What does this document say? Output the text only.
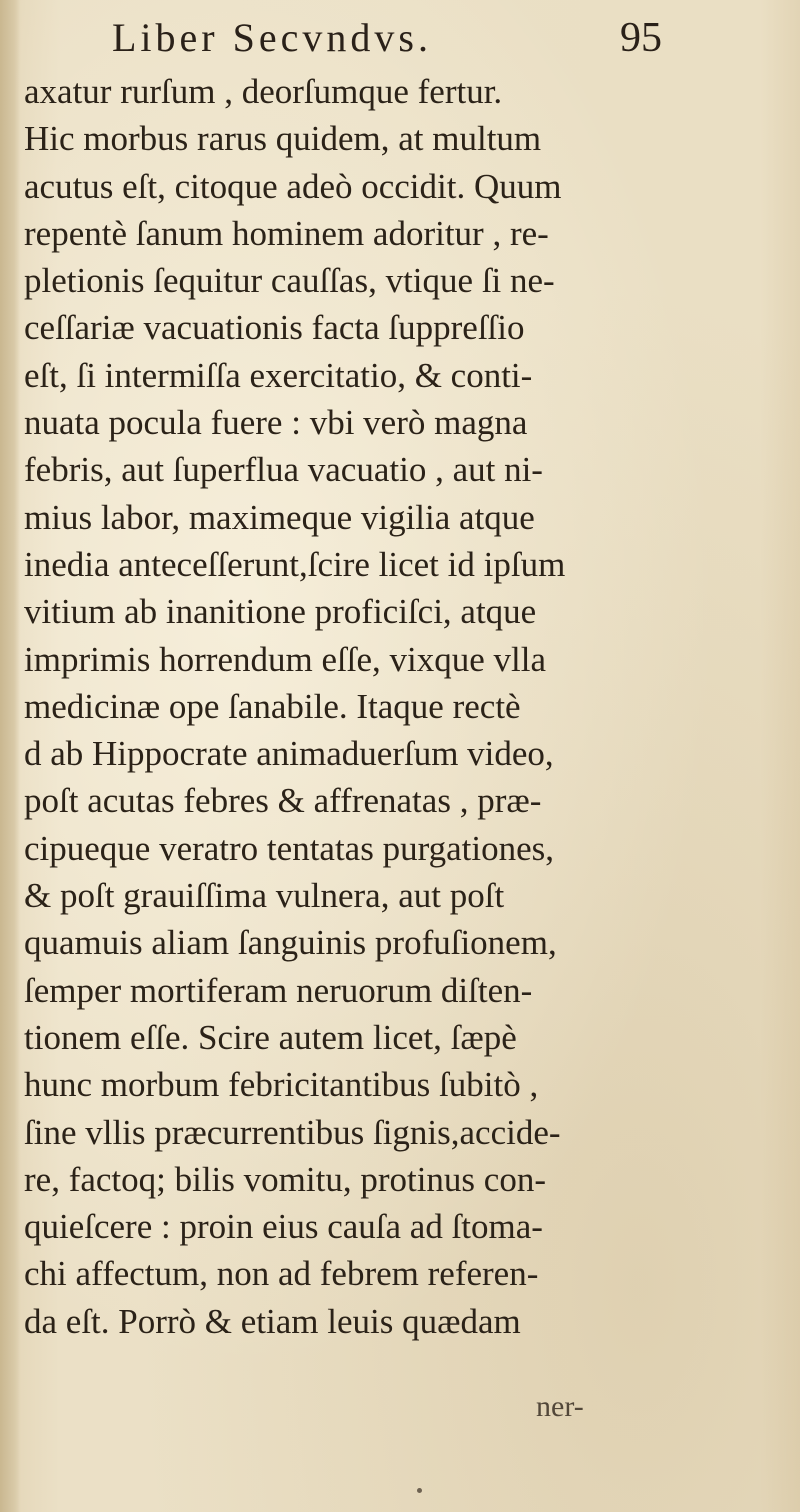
Liber Secvndvs.	95
axatur rurſum , deorſumque fertur.
Hic morbus rarus quidem, at multum
acutus eſt, citoque adeò occidit. Quum
repentè ſanum hominem adoritur , re-
pletionis ſequitur cauſſas, vtique ſi ne-
ceſſariæ vacuationis facta ſuppreſſio
eſt, ſi intermiſſa exercitatio, & conti-
nuata pocula fuere : vbi verò magna
febris, aut ſuperflua vacuatio , aut ni-
mius labor, maximeque vigilia atque
inedia anteceſſerunt,ſcire licet id ipſum
vitium ab inanitione proficiſci, atque
imprimis horrendum eſſe, vixque vlla
medicinæ ope ſanabile. Itaque rectè
d ab Hippocrate animaduerſum video,
poſt acutas febres & affrenatas , præ-
cipueque veratro tentatas purgationes,
& poſt grauiſſima vulnera, aut poſt
quamuis aliam ſanguinis profuſionem,
ſemper mortiferam neruorum diſten-
tionem eſſe. Scire autem licet, ſæpè
hunc morbum febricitantibus ſubitò ,
ſine vllis præcurrentibus ſignis,accide-
re, factoq; bilis vomitu, protinus con-
quieſcere : proin eius cauſa ad ſtoma-
chi affectum, non ad febrem referen-
da eſt. Porrò & etiam leuis quædam
ner-
